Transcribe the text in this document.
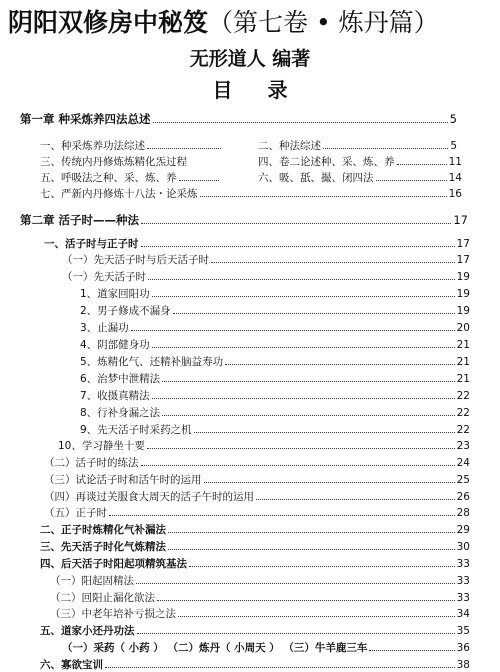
阴阳双修房中秘笈（第七卷 • 炼丹篇）
无形道人 编著
目 录
第一章 种采炼养四法总述	5
一、种采炼养功法综述	二、种法综述	5
三、传统内丹修炼炼精化炁过程	四、卷二论述种、采、炼、养	11
五、呼吸法之种、采、炼、养	六、吸、舐、撮、闭四法	14
七、严新内丹修炼十八法・论采炼	16
第二章 活子时——种法	17
一、活子时与正子时	17
（一）先天活子时与后天活子时	17
（一）先天活子时	19
1、道家回阳功	19
2、男子修成不漏身	19
3、止漏功	20
4、阴部健身功	21
5、炼精化气、还精补脑益寿功	21
6、治梦中泄精法	21
7、收摄真精法	22
8、行补身漏之法	22
9、先天活子时采药之机	22
10、学习静坐十要	23
（二）活子时的练法	24
（三）试论活子时和活午时的运用	25
（四）再谈过关服食大周天的活子午时的运用	26
（五）正子时	28
二、正子时炼精化气补漏法	29
三、先天活子时化气炼精法	30
四、后天活子时阳起项精筑基法	33
（一）阳起固精法	33
（二）回阳止漏化欲法	33
（三）中老年培补亏损之法	34
五、道家小还丹功法	35
（一）采药（ 小药 ） （二）炼丹（ 小周天 ） （三）牛羊鹿三车	36
六、寡欲宝训	38
